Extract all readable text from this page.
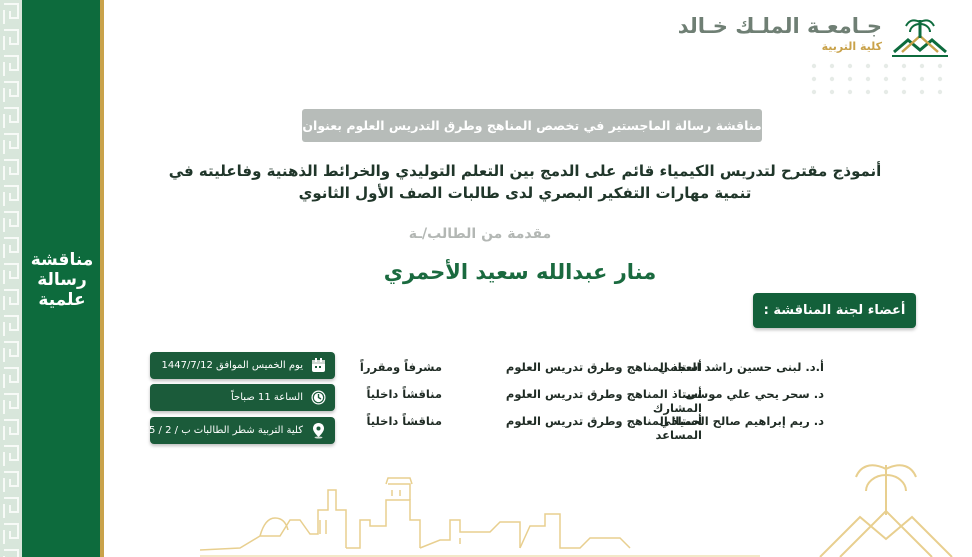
مناقشة
رسالة
علمية
جـامعـة الملـك خـالد
كلية التربية
مناقشة رسالة الماجستير في تخصص المناهج وطرق التدريس العلوم بعنوان :
أنموذج مقترح لتدريس الكيمياء قائم على الدمج بين التعلم التوليدي والخرائط الذهنية وفاعليته في
تنمية مهارات التفكير البصري لدى طالبات الصف الأول الثانوي
مقدمة من الطالب/ـة
منار عبدالله سعيد الأحمري
أعضاء لجنة المناقشة :
أ.د. لبنى حسين راشد العجمي
أستاذ المناهج وطرق تدريس العلوم
مشرفاً ومقرراً
د. سحر يحي علي موسى
أستاذ المناهج وطرق تدريس العلوم المشارك
مناقشاً داخلياً
د. ريم إبراهيم صالح الحميالي
أستاذ المناهج وطرق تدريس العلوم المساعد
مناقشاً داخلياً
يوم الخميس الموافق 1447/7/12
الساعة 11 صباحاً
كلية التربية شطر الطالبات ب / 2 / 25
